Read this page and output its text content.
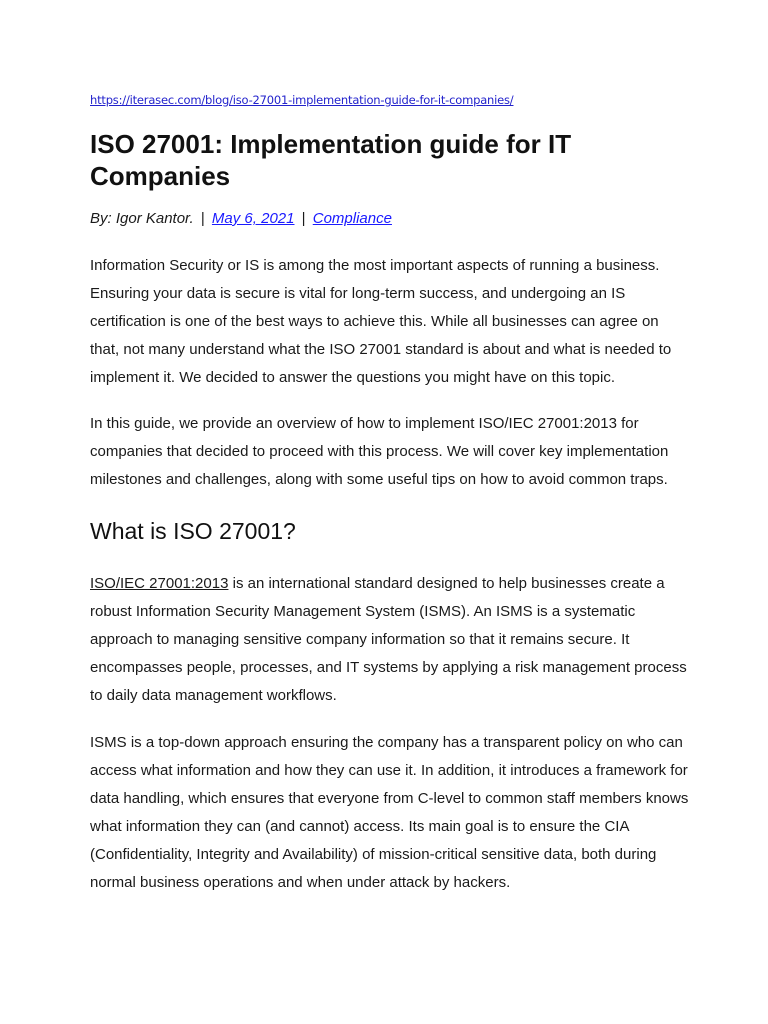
https://iterasec.com/blog/iso-27001-implementation-guide-for-it-companies/
ISO 27001: Implementation guide for IT Companies
By: Igor Kantor. | May 6, 2021 | Compliance

Information Security or IS is among the most important aspects of running a business. Ensuring your data is secure is vital for long-term success, and undergoing an IS certification is one of the best ways to achieve this. While all businesses can agree on that, not many understand what the ISO 27001 standard is about and what is needed to implement it. We decided to answer the questions you might have on this topic.

In this guide, we provide an overview of how to implement ISO/IEC 27001:2013 for companies that decided to proceed with this process. We will cover key implementation milestones and challenges, along with some useful tips on how to avoid common traps.

What is ISO 27001?

ISO/IEC 27001:2013 is an international standard designed to help businesses create a robust Information Security Management System (ISMS). An ISMS is a systematic approach to managing sensitive company information so that it remains secure. It encompasses people, processes, and IT systems by applying a risk management process to daily data management workflows.

ISMS is a top-down approach ensuring the company has a transparent policy on who can access what information and how they can use it. In addition, it introduces a framework for data handling, which ensures that everyone from C-level to common staff members knows what information they can (and cannot) access. Its main goal is to ensure the CIA (Confidentiality, Integrity and Availability) of mission-critical sensitive data, both during normal business operations and when under attack by hackers.
